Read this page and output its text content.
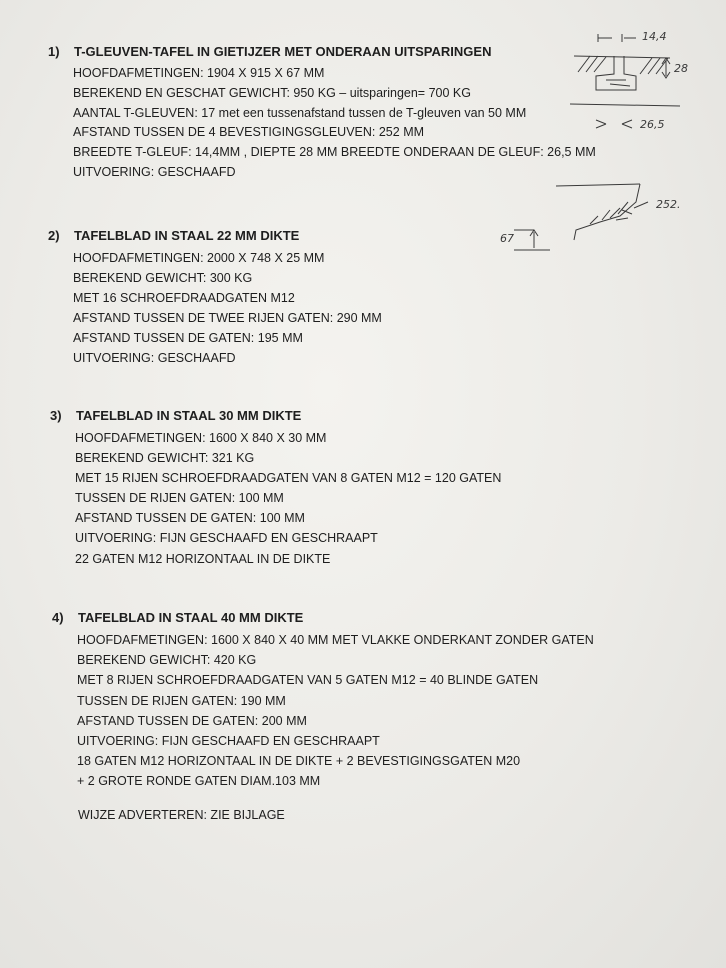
1)	T-GLEUVEN-TAFEL IN GIETIJZER MET ONDERAAN UITSPARINGEN
HOOFDAFMETINGEN: 1904 X 915 X 67 MM
BEREKEND EN GESCHAT GEWICHT: 950 KG – uitsparingen= 700 KG
AANTAL T-GLEUVEN: 17 met een tussenafstand tussen de T-gleuven van 50 MM
AFSTAND TUSSEN DE 4 BEVESTIGINGSGLEUVEN: 252 MM
BREEDTE T-GLEUF: 14,4MM , DIEPTE 28 MM BREEDTE ONDERAAN DE GLEUF: 26,5 MM
UITVOERING: GESCHAAFD
2)	TAFELBLAD IN STAAL 22 MM DIKTE
HOOFDAFMETINGEN: 2000 X 748 X 25 MM
BEREKEND GEWICHT: 300 KG
MET 16 SCHROEFDRAADGATEN M12
AFSTAND TUSSEN DE TWEE RIJEN GATEN: 290 MM
AFSTAND TUSSEN DE GATEN: 195 MM
UITVOERING: GESCHAAFD
3)	TAFELBLAD IN STAAL 30 MM DIKTE
HOOFDAFMETINGEN: 1600 X 840 X 30 MM
BEREKEND GEWICHT: 321 KG
MET 15 RIJEN SCHROEFDRAADGATEN VAN 8 GATEN M12 = 120 GATEN
TUSSEN DE RIJEN GATEN: 100 MM
AFSTAND TUSSEN DE GATEN: 100 MM
UITVOERING: FIJN GESCHAAFD EN GESCHRAAPT
22 GATEN M12 HORIZONTAAL IN DE DIKTE
4)	TAFELBLAD IN STAAL 40 MM DIKTE
HOOFDAFMETINGEN: 1600 X 840 X 40 MM MET VLAKKE ONDERKANT ZONDER GATEN
BEREKEND GEWICHT: 420 KG
MET 8 RIJEN SCHROEFDRAADGATEN VAN 5 GATEN M12 = 40 BLINDE GATEN
TUSSEN DE RIJEN GATEN: 190 MM
AFSTAND TUSSEN DE GATEN: 200 MM
UITVOERING: FIJN GESCHAAFD EN GESCHRAAPT
18 GATEN M12 HORIZONTAAL IN DE DIKTE + 2 BEVESTIGINGSGATEN M20
+ 2 GROTE RONDE GATEN DIAM.103 MM
WIJZE ADVERTEREN: ZIE BIJLAGE
14,4
28
26,5
252.
67
